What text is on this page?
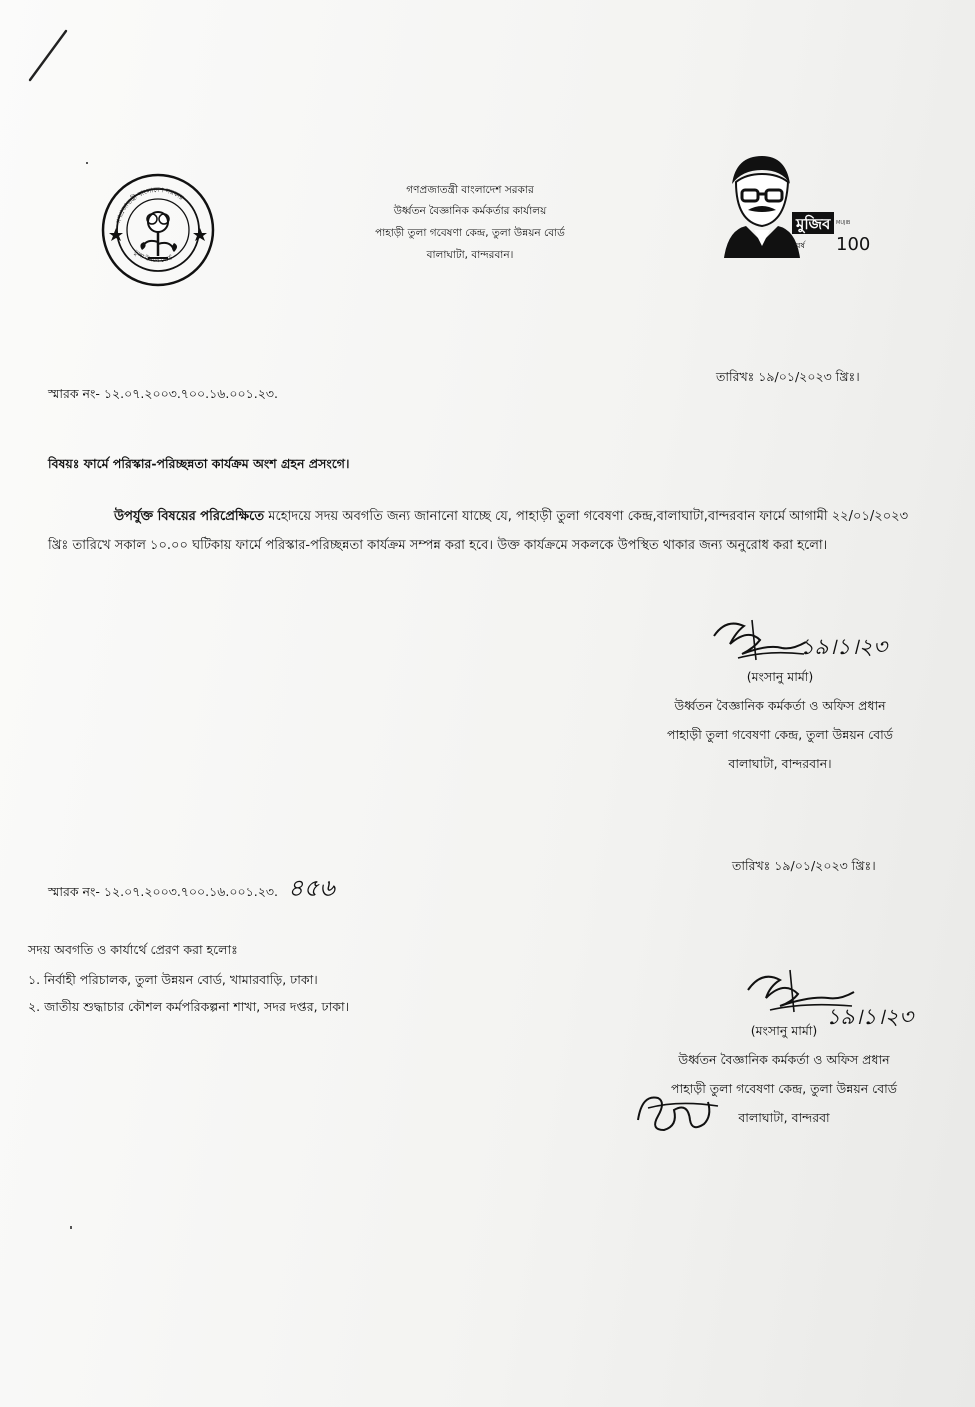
গণপ্রজাতন্ত্রী বাংলাদেশ সরকার
তুলা উন্নয়ন বোর্ড
গণপ্রজাতন্ত্রী বাংলাদেশ সরকার
উর্ধ্বতন বৈজ্ঞানিক কর্মকর্তার কার্যালয়
পাহাড়ী তুলা গবেষণা কেন্দ্র, তুলা উন্নয়ন বোর্ড
বালাঘাটা, বান্দরবান।
মুজিব MUJIB
বর্ষ 100
তারিখঃ ১৯/০১/২০২৩ খ্রিঃ।
স্মারক নং- ১২.০৭.২০০৩.৭০০.১৬.০০১.২৩.
বিষয়ঃ ফার্মে পরিস্কার-পরিচ্ছন্নতা কার্যক্রম অংশ গ্রহন প্রসংগে।
উপর্যুক্ত বিষয়ের পরিপ্রেক্ষিতে মহোদয়ে সদয় অবগতি জন্য জানানো যাচ্ছে যে, পাহাড়ী তুলা গবেষণা কেন্দ্র,বালাঘাটা,বান্দরবান ফার্মে আগামী ২২/০১/২০২৩ খ্রিঃ তারিখে সকাল ১০.০০ ঘটিকায় ফার্মে পরিস্কার-পরিচ্ছন্নতা কার্যক্রম সম্পন্ন করা হবে। উক্ত কার্যক্রমে সকলকে উপস্থিত থাকার জন্য অনুরোধ করা হলো।
১৯।১।২৩
(মংসানু মার্মা)
উর্ধ্বতন বৈজ্ঞানিক কর্মকর্তা ও অফিস প্রধান
পাহাড়ী তুলা গবেষণা কেন্দ্র, তুলা উন্নয়ন বোর্ড
বালাঘাটা, বান্দরবান।
স্মারক নং- ১২.০৭.২০০৩.৭০০.১৬.০০১.২৩. ৪৫৬
তারিখঃ ১৯/০১/২০২৩ খ্রিঃ।
সদয় অবগতি ও কার্যার্থে প্রেরণ করা হলোঃ
১. নির্বাহী পরিচালক, তুলা উন্নয়ন বোর্ড, খামারবাড়ি, ঢাকা।
২. জাতীয় শুদ্ধাচার কৌশল কর্মপরিকল্পনা শাখা, সদর দপ্তর, ঢাকা।	১৯।১।২৩
(মংসানু মার্মা)
উর্ধ্বতন বৈজ্ঞানিক কর্মকর্তা ও অফিস প্রধান
পাহাড়ী তুলা গবেষণা কেন্দ্র, তুলা উন্নয়ন বোর্ড
বালাঘাটা, বান্দরবা
